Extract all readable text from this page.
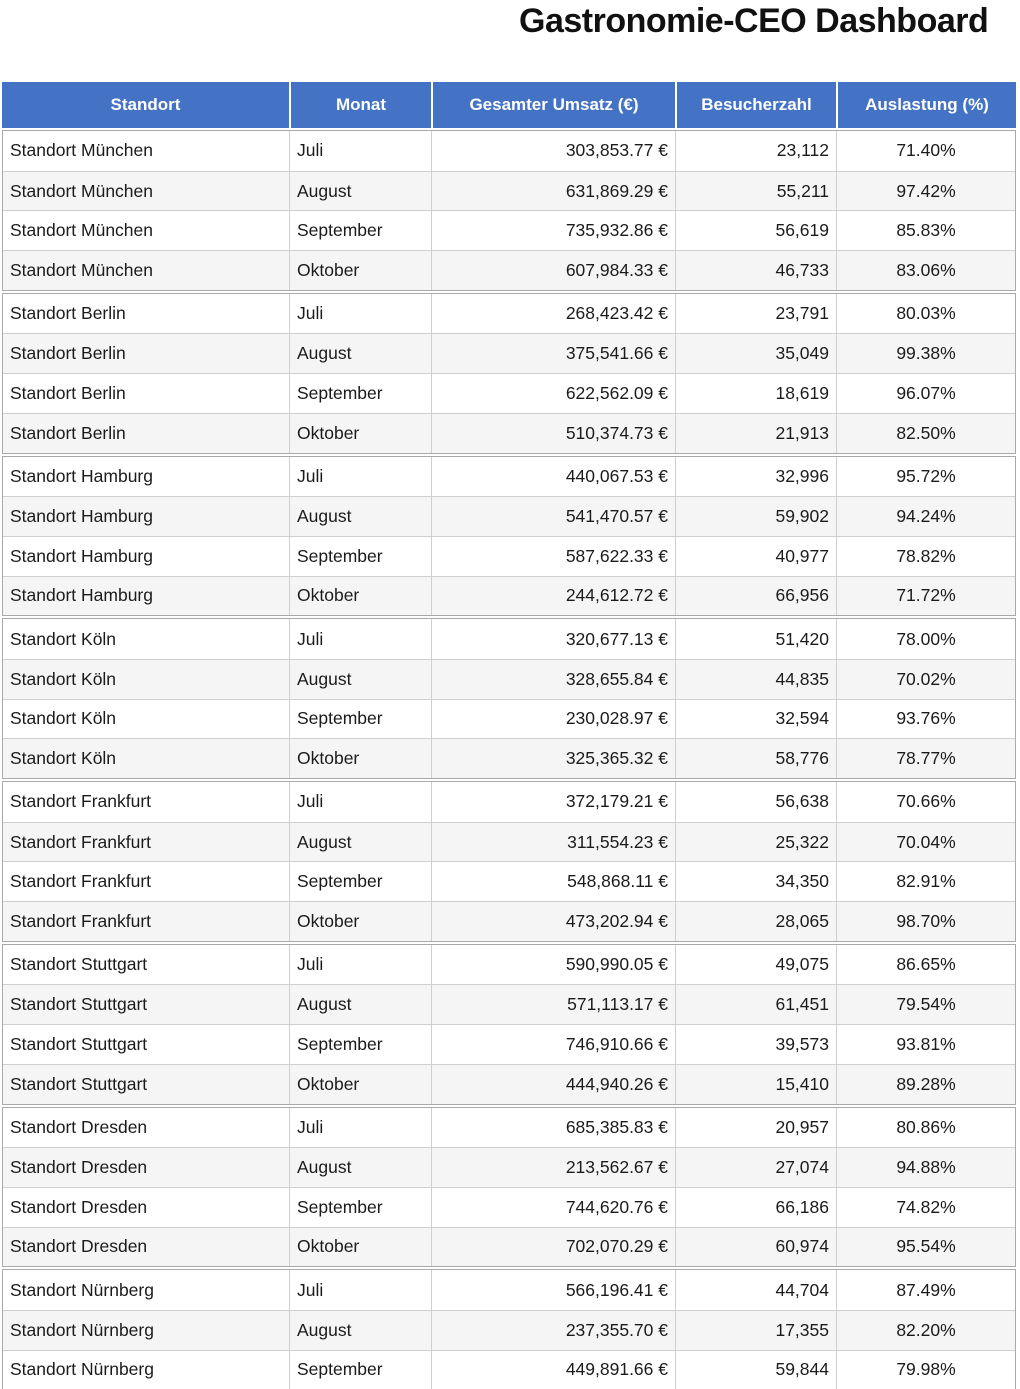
Gastronomie-CEO Dashboard
Standort	Monat	Gesamter Umsatz (€)	Besucherzahl	Auslastung (%)
Standort München	Juli	303,853.77 €	23,112	71.40%
Standort München	August	631,869.29 €	55,211	97.42%
Standort München	September	735,932.86 €	56,619	85.83%
Standort München	Oktober	607,984.33 €	46,733	83.06%
Standort Berlin	Juli	268,423.42 €	23,791	80.03%
Standort Berlin	August	375,541.66 €	35,049	99.38%
Standort Berlin	September	622,562.09 €	18,619	96.07%
Standort Berlin	Oktober	510,374.73 €	21,913	82.50%
Standort Hamburg	Juli	440,067.53 €	32,996	95.72%
Standort Hamburg	August	541,470.57 €	59,902	94.24%
Standort Hamburg	September	587,622.33 €	40,977	78.82%
Standort Hamburg	Oktober	244,612.72 €	66,956	71.72%
Standort Köln	Juli	320,677.13 €	51,420	78.00%
Standort Köln	August	328,655.84 €	44,835	70.02%
Standort Köln	September	230,028.97 €	32,594	93.76%
Standort Köln	Oktober	325,365.32 €	58,776	78.77%
Standort Frankfurt	Juli	372,179.21 €	56,638	70.66%
Standort Frankfurt	August	311,554.23 €	25,322	70.04%
Standort Frankfurt	September	548,868.11 €	34,350	82.91%
Standort Frankfurt	Oktober	473,202.94 €	28,065	98.70%
Standort Stuttgart	Juli	590,990.05 €	49,075	86.65%
Standort Stuttgart	August	571,113.17 €	61,451	79.54%
Standort Stuttgart	September	746,910.66 €	39,573	93.81%
Standort Stuttgart	Oktober	444,940.26 €	15,410	89.28%
Standort Dresden	Juli	685,385.83 €	20,957	80.86%
Standort Dresden	August	213,562.67 €	27,074	94.88%
Standort Dresden	September	744,620.76 €	66,186	74.82%
Standort Dresden	Oktober	702,070.29 €	60,974	95.54%
Standort Nürnberg	Juli	566,196.41 €	44,704	87.49%
Standort Nürnberg	August	237,355.70 €	17,355	82.20%
Standort Nürnberg	September	449,891.66 €	59,844	79.98%
